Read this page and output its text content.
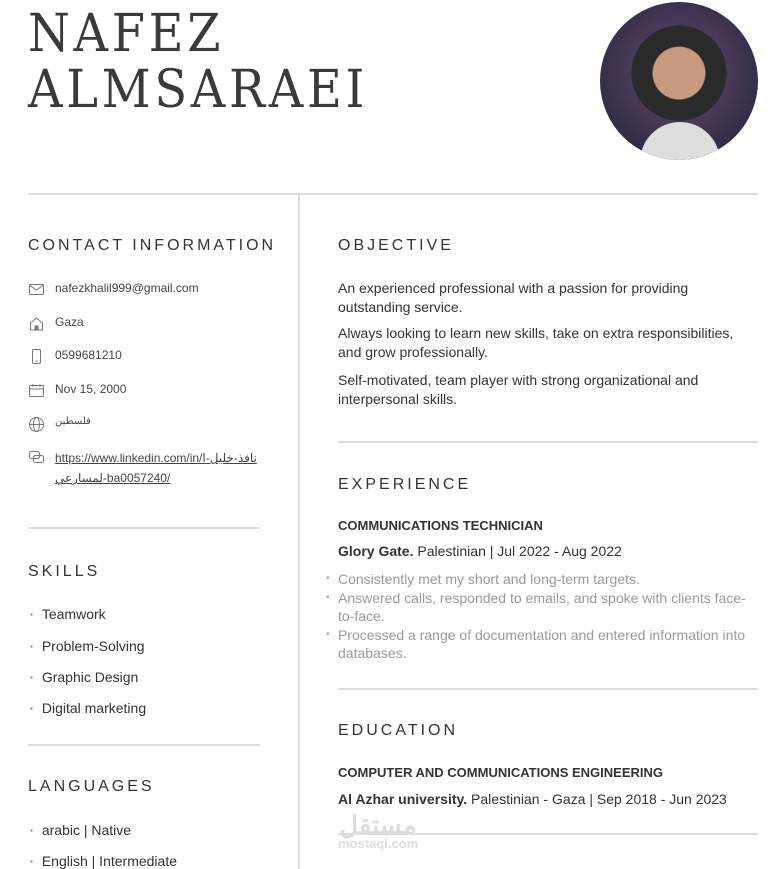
NAFEZ
ALMSARAEI
CONTACT INFORMATION
nafezkhalil999@gmail.com
Gaza
0599681210
Nov 15, 2000
فلسطين
https://www.linkedin.com/in/نافذ-خليل-المسارعي-ba0057240/
SKILLS
▪ Teamwork
▪ Problem-Solving
▪ Graphic Design
▪ Digital marketing
LANGUAGES
▪ arabic | Native
▪ English | Intermediate
OBJECTIVE
An experienced professional with a passion for providing outstanding service.
Always looking to learn new skills, take on extra responsibilities, and grow professionally.
Self-motivated, team player with strong organizational and interpersonal skills.
EXPERIENCE
COMMUNICATIONS TECHNICIAN
Glory Gate. Palestinian | Jul 2022 - Aug 2022
• Consistently met my short and long-term targets.
• Answered calls, responded to emails, and spoke with clients face-to-face.
• Processed a range of documentation and entered information into databases.
EDUCATION
COMPUTER AND COMMUNICATIONS ENGINEERING
Al Azhar university. Palestinian - Gaza | Sep 2018 - Jun 2023
مستقل
mostaql.com
